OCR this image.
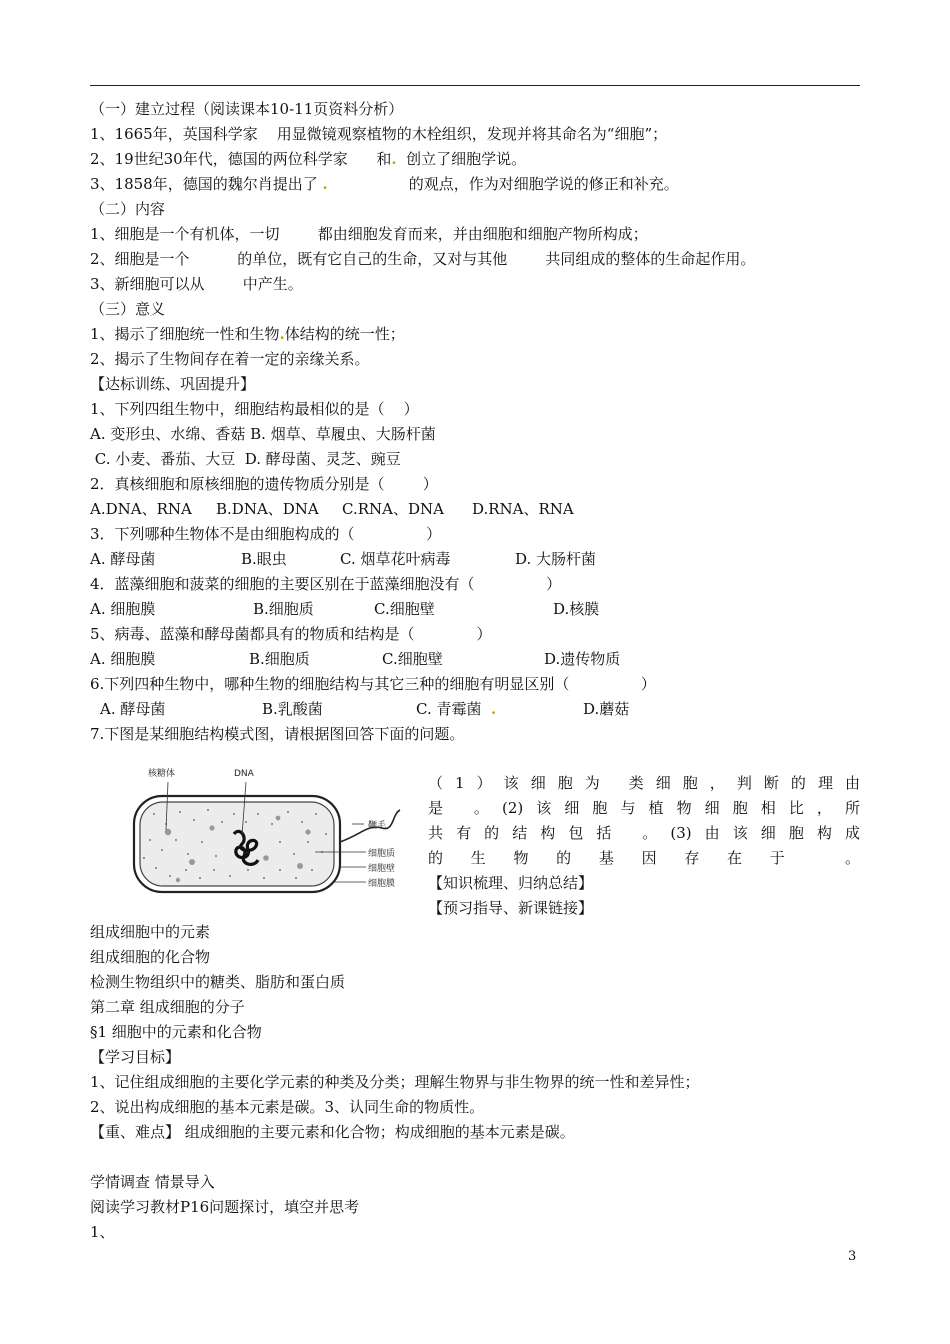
（一）建立过程（阅读课本10-11页资料分析）
1、1665年，英国科学家    用显微镜观察植物的木栓组织，发现并将其命名为“细胞”；
2、19世纪30年代，德国的两位科学家      和.  创立了细胞学说。
3、1858年，德国的魏尔肖提出了 .                 的观点，作为对细胞学说的修正和补充。
（二）内容
1、细胞是一个有机体，一切        都由细胞发育而来，并由细胞和细胞产物所构成；
2、细胞是一个          的单位，既有它自己的生命，又对与其他        共同组成的整体的生命起作用。
3、新细胞可以从        中产生。
（三）意义
1、揭示了细胞统一性和生物.体结构的统一性；
2、揭示了生物间存在着一定的亲缘关系。
【达标训练、巩固提升】
1、下列四组生物中，细胞结构最相似的是（    ）
A. 变形虫、水绵、香菇 B. 烟草、草履虫、大肠杆菌
C. 小麦、番茄、大豆  D. 酵母菌、灵芝、豌豆
2．真核细胞和原核细胞的遗传物质分别是（        ）
A.DNA、RNA B.DNA、DNA C.RNA、DNA D.RNA、RNA
3．下列哪种生物体不是由细胞构成的（               ）
A. 酵母菌	B.眼虫	C. 烟草花叶病毒	D. 大肠杆菌
4．蓝藻细胞和菠菜的细胞的主要区别在于蓝藻细胞没有（               ）
A. 细胞膜	B.细胞质	C.细胞壁	D.核膜
5、病毒、蓝藻和酵母菌都具有的物质和结构是（             ）
A. 细胞膜	B.细胞质	C.细胞壁	D.遗传物质
6.下列四种生物中，哪种生物的细胞结构与其它三种的细胞有明显区别（               ）
A. 酵母菌	B.乳酸菌	C. 青霉菌 .	D.蘑菇
7.下图是某细胞结构模式图，请根据图回答下面的问题。
核糖体	DNA
鞭毛
细胞质
细胞壁
细胞膜
（1）该细胞为 类细胞，判断的理由
是 。(2)该细胞与植物细胞相比，所
共有的结构包括 。(3)由该细胞构成
的生物的基因存在于 。
【知识梳理、归纳总结】
【预习指导、新课链接】
组成细胞中的元素
组成细胞的化合物
检测生物组织中的糖类、脂肪和蛋白质
第二章 组成细胞的分子
§1 细胞中的元素和化合物
【学习目标】
1、记住组成细胞的主要化学元素的种类及分类；理解生物界与非生物界的统一性和差异性；
2、说出构成细胞的基本元素是碳。3、认同生命的物质性。
【重、难点】 组成细胞的主要元素和化合物；构成细胞的基本元素是碳。
学情调查 情景导入
阅读学习教材P16问题探讨，填空并思考
1、
3
